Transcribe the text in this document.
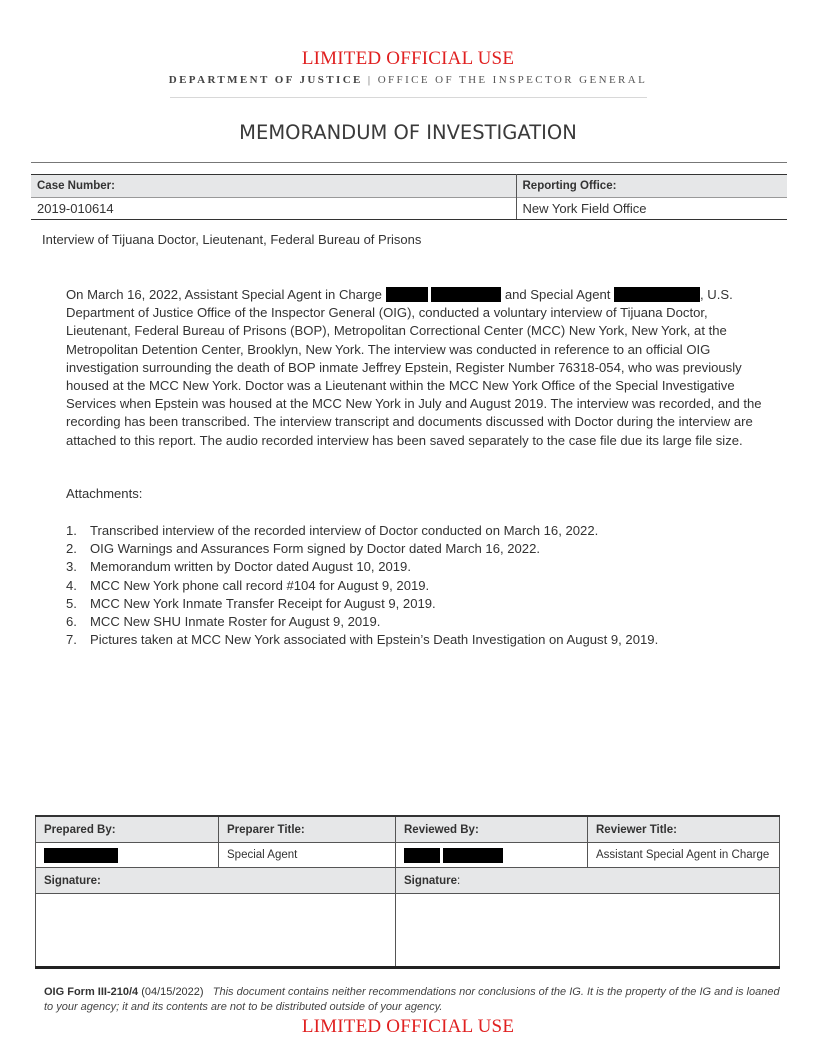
LIMITED OFFICIAL USE
DEPARTMENT OF JUSTICE | OFFICE OF THE INSPECTOR GENERAL
MEMORANDUM OF INVESTIGATION
Case Number:	Reporting Office:
2019-010614	New York Field Office
Interview of Tijuana Doctor, Lieutenant, Federal Bureau of Prisons
On March 16, 2022, Assistant Special Agent in Charge	and Special Agent	, U.S. Department of Justice Office of the Inspector General (OIG), conducted a voluntary interview of Tijuana Doctor, Lieutenant, Federal Bureau of Prisons (BOP), Metropolitan Correctional Center (MCC) New York, New York, at the Metropolitan Detention Center, Brooklyn, New York. The interview was conducted in reference to an official OIG investigation surrounding the death of BOP inmate Jeffrey Epstein, Register Number 76318-054, who was previously housed at the MCC New York. Doctor was a Lieutenant within the MCC New York Office of the Special Investigative Services when Epstein was housed at the MCC New York in July and August 2019. The interview was recorded, and the recording has been transcribed. The interview transcript and documents discussed with Doctor during the interview are attached to this report. The audio recorded interview has been saved separately to the case file due its large file size.
Attachments:
1. Transcribed interview of the recorded interview of Doctor conducted on March 16, 2022.
2. OIG Warnings and Assurances Form signed by Doctor dated March 16, 2022.
3. Memorandum written by Doctor dated August 10, 2019.
4. MCC New York phone call record #104 for August 9, 2019.
5. MCC New York Inmate Transfer Receipt for August 9, 2019.
6. MCC New SHU Inmate Roster for August 9, 2019.
7. Pictures taken at MCC New York associated with Epstein’s Death Investigation on August 9, 2019.
Prepared By:	Preparer Title:	Reviewed By:	Reviewer Title:
	Special Agent		Assistant Special Agent in Charge
Signature:		Signature:	

OIG Form III-210/4 (04/15/2022) This document contains neither recommendations nor conclusions of the IG. It is the property of the IG and is loaned to your agency; it and its contents are not to be distributed outside of your agency.
LIMITED OFFICIAL USE
